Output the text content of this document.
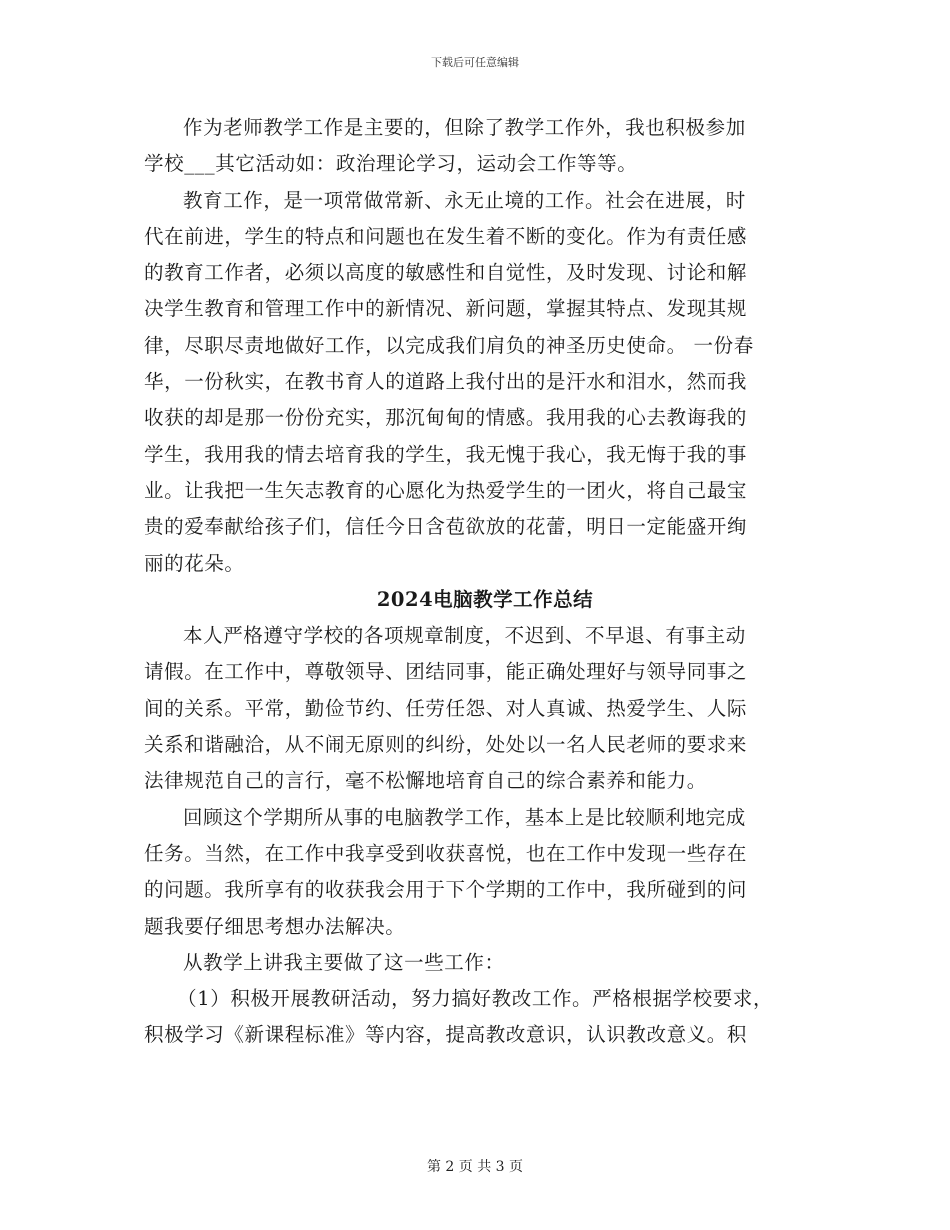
下载后可任意编辑

作为老师教学工作是主要的，但除了教学工作外，我也积极参加
学校___其它活动如：政治理论学习，运动会工作等等。

教育工作，是一项常做常新、永无止境的工作。社会在进展，时
代在前进，学生的特点和问题也在发生着不断的变化。作为有责任感
的教育工作者，必须以高度的敏感性和自觉性，及时发现、讨论和解
决学生教育和管理工作中的新情况、新问题，掌握其特点、发现其规
律，尽职尽责地做好工作，以完成我们肩负的神圣历史使命。 一份春
华，一份秋实，在教书育人的道路上我付出的是汗水和泪水，然而我
收获的却是那一份份充实，那沉甸甸的情感。我用我的心去教诲我的
学生，我用我的情去培育我的学生，我无愧于我心，我无悔于我的事
业。让我把一生矢志教育的心愿化为热爱学生的一团火，将自己最宝
贵的爱奉献给孩子们，信任今日含苞欲放的花蕾，明日一定能盛开绚
丽的花朵。

2024电脑教学工作总结

本人严格遵守学校的各项规章制度，不迟到、不早退、有事主动
请假。在工作中，尊敬领导、团结同事，能正确处理好与领导同事之
间的关系。平常，勤俭节约、任劳任怨、对人真诚、热爱学生、人际
关系和谐融洽，从不闹无原则的纠纷，处处以一名人民老师的要求来
法律规范自己的言行，毫不松懈地培育自己的综合素养和能力。

回顾这个学期所从事的电脑教学工作，基本上是比较顺利地完成
任务。当然，在工作中我享受到收获喜悦，也在工作中发现一些存在
的问题。我所享有的收获我会用于下个学期的工作中，我所碰到的问
题我要仔细思考想办法解决。

从教学上讲我主要做了这一些工作：

（1）积极开展教研活动，努力搞好教改工作。严格根据学校要求，
积极学习《新课程标准》等内容，提高教改意识，认识教改意义。积

第 2 页 共 3 页
